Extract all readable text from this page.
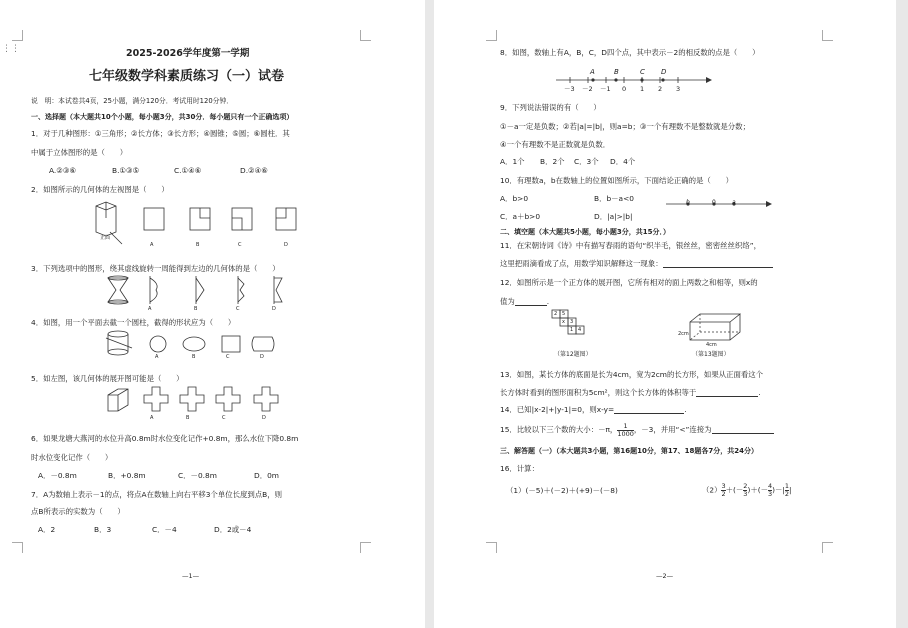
⋮⋮	2025-2026学年度第一学期
七年级数学科素质练习（一）试卷
说　明：本试卷共4页，25小题，满分120分．考试用时120分钟．
一、选择题（本大题共10个小题，每小题3分，共30分．每小题只有一个正确选项）
1．对于几种图形：①三角形；②长方体；③长方形；④圆锥；⑤圆；⑥圆柱．其
中属于立体图形的是（　　）
A.②③⑥	B.①③⑤	C.①④⑥	D.②④⑥
2．如图所示的几何体的左视图是（　　）
正面
A	B	C	D
3．下列选项中的图形，绕其虚线旋转一周能得到左边的几何体的是（　　）
A	B	C	D
4．如图，用一个平面去截一个圆柱，截得的形状应为（　　）
A	B	C	D
5．如左图，该几何体的展开图可能是（　　）
A	B	C	D
6．如果龙塘大燕河的水位升高0.8m时水位变化记作+0.8m，那么水位下降0.8m
时水位变化记作（　　）
A．－0.8m	B．+0.8m	C．－0.8m	D．0m
7．A为数轴上表示－1的点，将点A在数轴上向右平移3个单位长度到点B，则
点B所表示的实数为（　　）
A．2	B．3	C．－4	D．2或－4
—1—
8．如图，数轴上有A，B，C，D四个点，其中表示－2的相反数的点是（　　）
A	B	C D
－3 －2 －1 0 1 2 3
9．下列说法错误的有（　　）
①－a一定是负数；②若|a|=|b|，则a=b；③一个有理数不是整数就是分数；
④一个有理数不是正数就是负数．
A．1个 B．2个 C．3个 D．4个
10．有理数a，b在数轴上的位置如图所示，下面结论正确的是（　　）
A．b>0	B．b－a<0	b	0	a
C．a＋b>0	D．|a|>|b|
二、填空题（本大题共5小题，每小题3分，共15分．）
11．在宋朝诗词《诗》中有描写春雨的语句“织半毛，银丝丝，密密丝丝织络”，
这里把雨滴看成了点，用数学知识解释这一现象：
12．如图所示是一个正方体的展开图，它所有相对的面上两数之和相等，则x的
值为	.
2 5
x 3
1 4
2cm
4cm
（第12题图）	（第13题图）
13．如图，某长方体的底面是长为4cm，宽为2cm的长方形，如果从正面看这个
长方体时看到的图形面积为5cm²，则这个长方体的体积等于	.
14．已知|x-2|+|y-1|=0，则x-y=	.
15．比较以下三个数的大小：－π， $\frac{1}{1000}$ ，－3，并用“<”连接为
三、解答题（一）（本大题共3小题，第16题10分，第17、18题各7分，共24分）
16．计算：
（1）(－5)＋(－2)＋(+9)－(－8)	$(2) \frac{3}{2}$ ＋(－ $\frac{2}{3}$ )＋(－ $\frac{4}{3}$ )－| $\frac{1}{2}$ |
—2—
